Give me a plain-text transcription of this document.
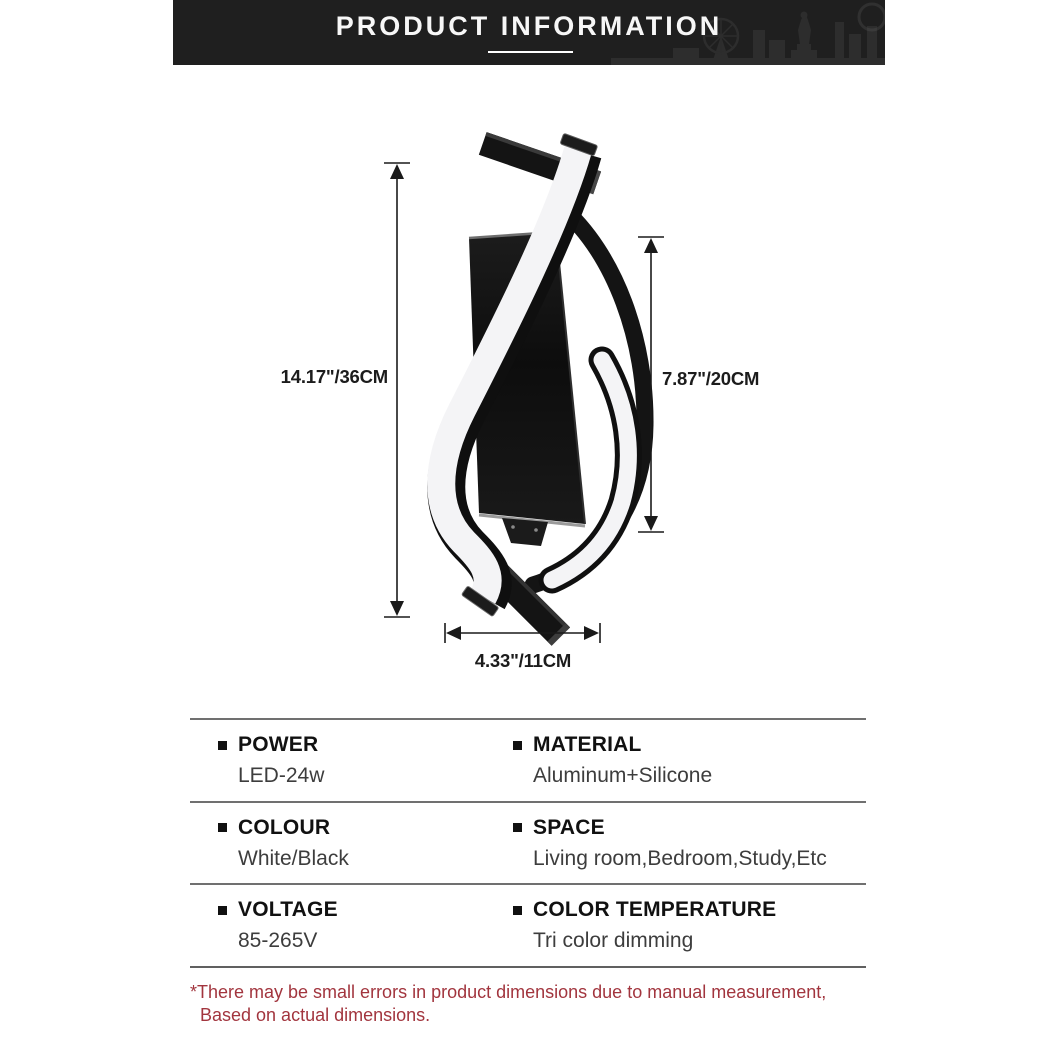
PRODUCT INFORMATION
14.17"/36CM	7.87"/20CM
4.33"/11CM
POWER
LED-24w
MATERIAL
Aluminum+Silicone
COLOUR
White/Black
SPACE
Living room,Bedroom,Study,Etc
VOLTAGE
85-265V
COLOR TEMPERATURE
Tri color dimming
*There may be small errors in product dimensions due to manual measurement,
Based on actual dimensions.
